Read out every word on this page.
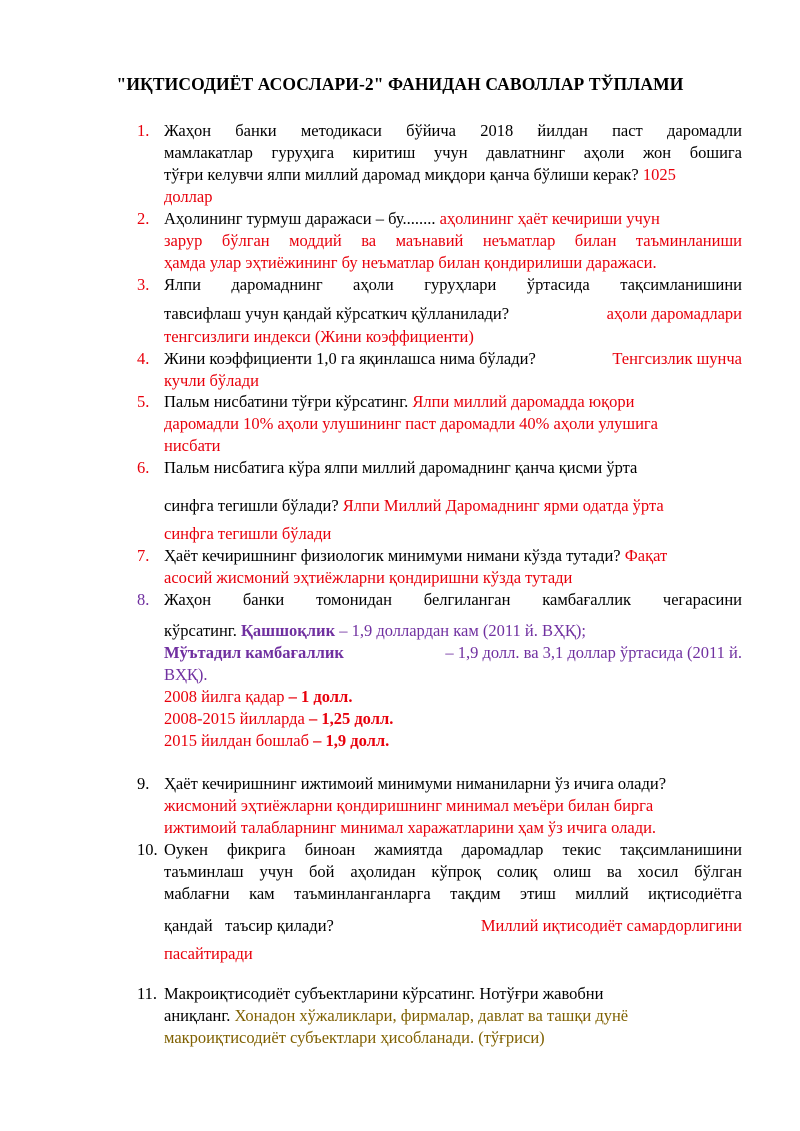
"ИҚТИСОДИЁТ АСОСЛАРИ-2" ФАНИДАН САВОЛЛАР ТЎПЛАМИ
1. Жаҳон банки методикаси бўйича 2018 йилдан паст даромадли
мамлакатлар гуруҳига киритиш учун давлатнинг аҳоли жон бошига
тўғри келувчи ялпи миллий даромад миқдори қанча бўлиши керак? 1025
доллар
2. Аҳолининг турмуш даражаси – бу........ аҳолининг ҳаёт кечириши учун
зарур бўлган моддий ва маънавий неъматлар билан таъминланиши
ҳамда улар эҳтиёжининг бу неъматлар билан қондирилиши даражаси.
3. Ялпи даромаднинг аҳоли гуруҳлари ўртасида тақсимланишини
тавсифлаш учун қандай кўрсаткич қўлланилади?	аҳоли даромадлари
тенгсизлиги индекси (Жини коэффициенти)
4. Жини коэффициенти 1,0 га яқинлашса нима бўлади?	Тенгсизлик шунча
кучли бўлади
5. Пальм нисбатини тўғри кўрсатинг. Ялпи миллий даромадда юқори
даромадли 10% аҳоли улушининг паст даромадли 40% аҳоли улушига
нисбати
6. Пальм нисбатига кўра ялпи миллий даромаднинг қанча қисми ўрта
синфга тегишли бўлади? Ялпи Миллий Даромаднинг ярми одатда ўрта
синфга тегишли бўлади
7. Ҳаёт кечиришнинг физиологик минимуми нимани кўзда тутади? Фақат
асосий жисмоний эҳтиёжларни қондиришни кўзда тутади
8. Жаҳон банки томонидан белгиланган камбағаллик чегарасини
кўрсатинг. Қашшоқлик – 1,9 доллардан кам (2011 й. ВҲҚ);
Мўътадил камбағаллик	– 1,9 долл. ва 3,1 доллар ўртасида (2011 й.
ВҲҚ).
2008 йилга қадар – 1 долл.
2008-2015 йилларда – 1,25 долл.
2015 йилдан бошлаб – 1,9 долл.
9. Ҳаёт кечиришнинг ижтимоий минимуми ниманиларни ўз ичига олади?
жисмоний эҳтиёжларни қондиришнинг минимал меъёри билан бирга
ижтимоий талабларнинг минимал харажатларини ҳам ўз ичига олади.
10. Оукен фикрига биноан жамиятда даромадлар текис тақсимланишини
таъминлаш учун бой аҳолидан кўпроқ солиқ олиш ва хосил бўлган
маблағни кам таъминланганларга тақдим этиш миллий иқтисодиётга
қандай   таъсир қилади?	Миллий иқтисодиёт самардорлигини
пасайтиради
11. Макроиқтисодиёт субъектларини кўрсатинг. Нотўғри жавобни
аниқланг. Хонадон хўжаликлари, фирмалар, давлат ва ташқи дунё
макроиқтисодиёт субъектлари ҳисобланади. (тўғриси)
